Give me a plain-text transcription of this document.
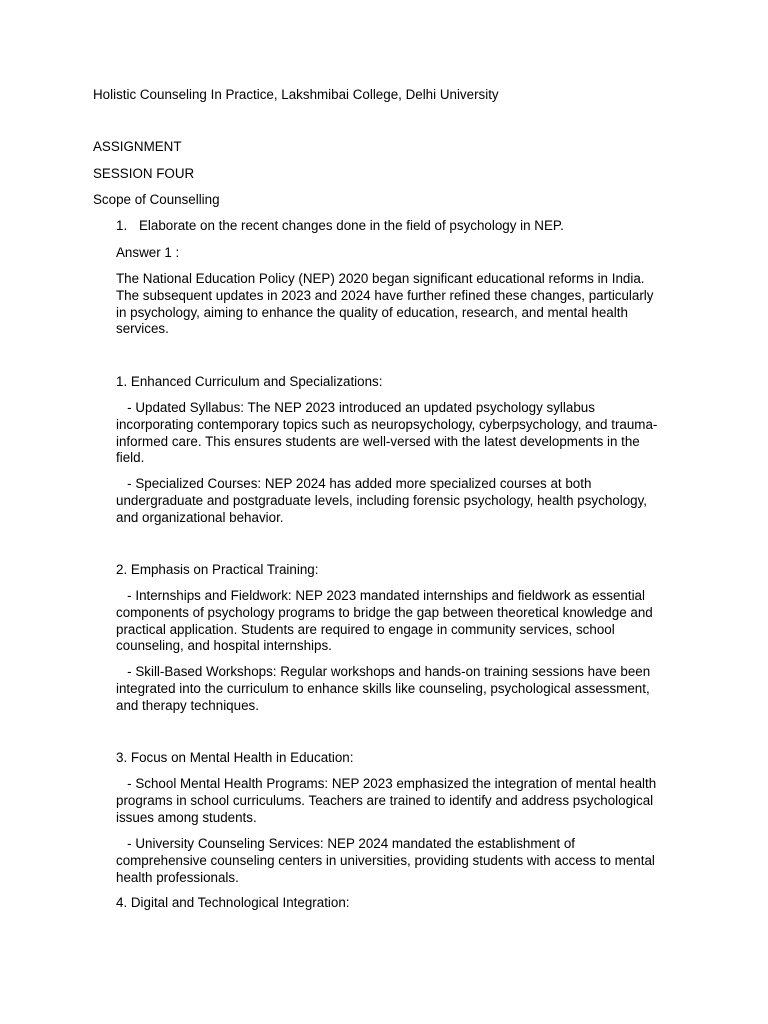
Holistic Counseling In Practice, Lakshmibai College, Delhi University
ASSIGNMENT
SESSION FOUR
Scope of Counselling
1. Elaborate on the recent changes done in the field of psychology in NEP.
Answer 1 :
The National Education Policy (NEP) 2020 began significant educational reforms in India. The subsequent updates in 2023 and 2024 have further refined these changes, particularly in psychology, aiming to enhance the quality of education, research, and mental health services.
1. Enhanced Curriculum and Specializations:
- Updated Syllabus: The NEP 2023 introduced an updated psychology syllabus incorporating contemporary topics such as neuropsychology, cyberpsychology, and trauma-informed care. This ensures students are well-versed with the latest developments in the field.
- Specialized Courses: NEP 2024 has added more specialized courses at both undergraduate and postgraduate levels, including forensic psychology, health psychology, and organizational behavior.
2. Emphasis on Practical Training:
- Internships and Fieldwork: NEP 2023 mandated internships and fieldwork as essential components of psychology programs to bridge the gap between theoretical knowledge and practical application. Students are required to engage in community services, school counseling, and hospital internships.
- Skill-Based Workshops: Regular workshops and hands-on training sessions have been integrated into the curriculum to enhance skills like counseling, psychological assessment, and therapy techniques.
3. Focus on Mental Health in Education:
- School Mental Health Programs: NEP 2023 emphasized the integration of mental health programs in school curriculums. Teachers are trained to identify and address psychological issues among students.
- University Counseling Services: NEP 2024 mandated the establishment of comprehensive counseling centers in universities, providing students with access to mental health professionals.
4. Digital and Technological Integration:
